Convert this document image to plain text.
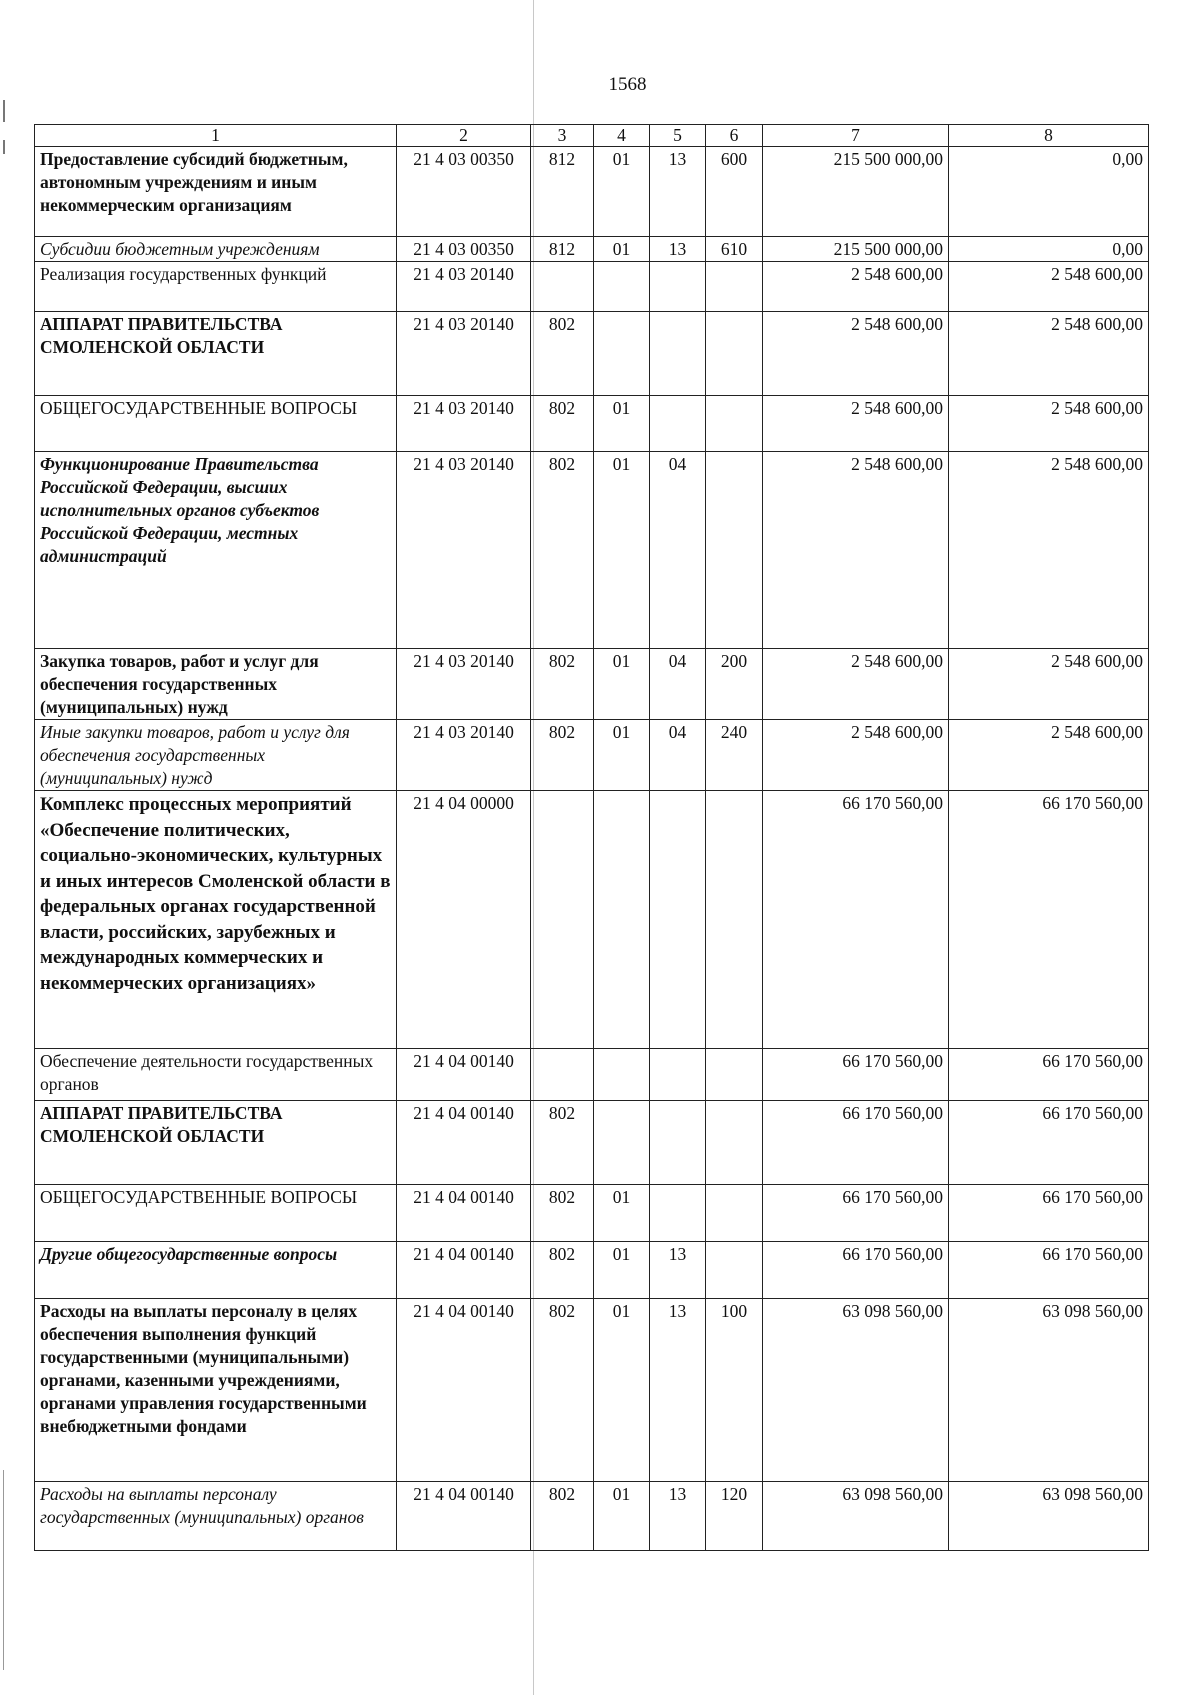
1568
1	2	3	4	5	6	7	8
Предоставление субсидий бюджетным, автономным учреждениям и иным некоммерческим организациям	21 4 03 00350	812	01	13	600	215 500 000,00	0,00
Субсидии бюджетным учреждениям	21 4 03 00350	812	01	13	610	215 500 000,00	0,00
Реализация государственных функций	21 4 03 20140					2 548 600,00	2 548 600,00
АППАРАТ ПРАВИТЕЛЬСТВА СМОЛЕНСКОЙ ОБЛАСТИ	21 4 03 20140	802				2 548 600,00	2 548 600,00
ОБЩЕГОСУДАРСТВЕННЫЕ ВОПРОСЫ	21 4 03 20140	802	01			2 548 600,00	2 548 600,00
Функционирование Правительства Российской Федерации, высших исполнительных органов субъектов Российской Федерации, местных администраций	21 4 03 20140	802	01	04		2 548 600,00	2 548 600,00
Закупка товаров, работ и услуг для обеспечения государственных (муниципальных) нужд	21 4 03 20140	802	01	04	200	2 548 600,00	2 548 600,00
Иные закупки товаров, работ и услуг для обеспечения государственных (муниципальных) нужд	21 4 03 20140	802	01	04	240	2 548 600,00	2 548 600,00
Комплекс процессных мероприятий «Обеспечение политических, социально-экономических, культурных и иных интересов Смоленской области в федеральных органах государственной власти, российских, зарубежных и международных коммерческих и некоммерческих организациях»	21 4 04 00000					66 170 560,00	66 170 560,00
Обеспечение деятельности государственных органов	21 4 04 00140					66 170 560,00	66 170 560,00
АППАРАТ ПРАВИТЕЛЬСТВА СМОЛЕНСКОЙ ОБЛАСТИ	21 4 04 00140	802				66 170 560,00	66 170 560,00
ОБЩЕГОСУДАРСТВЕННЫЕ ВОПРОСЫ	21 4 04 00140	802	01			66 170 560,00	66 170 560,00
Другие общегосударственные вопросы	21 4 04 00140	802	01	13		66 170 560,00	66 170 560,00
Расходы на выплаты персоналу в целях обеспечения выполнения функций государственными (муниципальными) органами, казенными учреждениями, органами управления государственными внебюджетными фондами	21 4 04 00140	802	01	13	100	63 098 560,00	63 098 560,00
Расходы на выплаты персоналу государственных (муниципальных) органов	21 4 04 00140	802	01	13	120	63 098 560,00	63 098 560,00
